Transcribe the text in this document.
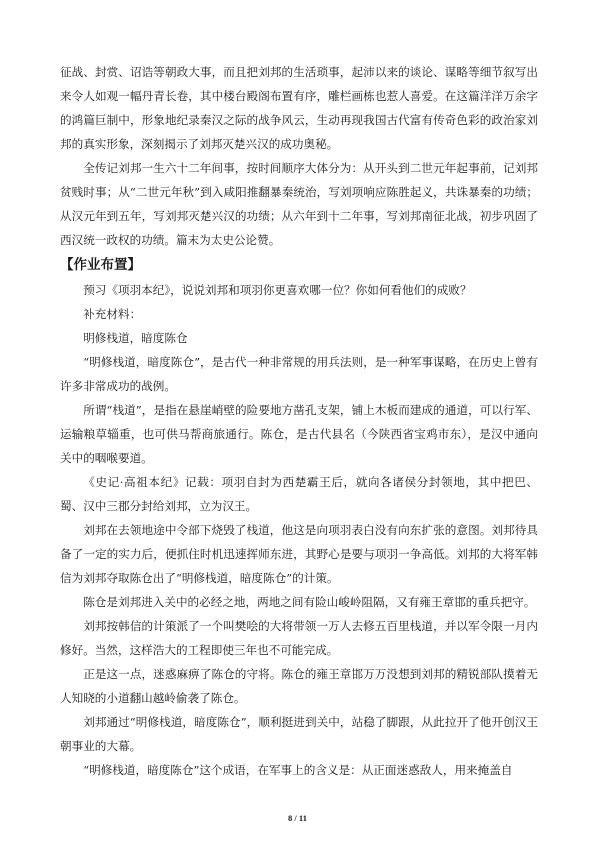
征战、封赏、诏诰等朝政大事，而且把刘邦的生活琐事，起沛以来的谈论、谋略等细节叙写出来令人如观一幅丹青长卷，其中楼台殿阁布置有序，雕栏画栋也惹人喜爱。在这篇洋洋万余字的鸿篇巨制中，形象地纪录秦汉之际的战争风云，生动再现我国古代富有传奇色彩的政治家刘邦的真实形象，深刻揭示了刘邦灭楚兴汉的成功奥秘。

全传记刘邦一生六十二年间事，按时间顺序大体分为：从开头到二世元年起事前，记刘邦贫贱时事；从“二世元年秋”到入咸阳推翻暴秦统治，写刘项响应陈胜起义，共诛暴秦的功绩；从汉元年到五年，写刘邦灭楚兴汉的功绩；从六年到十二年事，写刘邦南征北战，初步巩固了西汉统一政权的功绩。篇末为太史公论赞。

【作业布置】

预习《项羽本纪》，说说刘邦和项羽你更喜欢哪一位？你如何看他们的成败？

补充材料：

明修栈道，暗度陈仓

“明修栈道，暗度陈仓”，是古代一种非常规的用兵法则，是一种军事谋略，在历史上曾有许多非常成功的战例。

所谓“栈道”，是指在悬崖峭壁的险要地方凿孔支架，铺上木板而建成的通道，可以行军、运输粮草辎重，也可供马帮商旅通行。陈仓，是古代县名（今陕西省宝鸡市东），是汉中通向关中的咽喉要道。

《史记·高祖本纪》记载：项羽自封为西楚霸王后，就向各诸侯分封领地，其中把巴、蜀、汉中三郡分封给刘邦，立为汉王。

刘邦在去领地途中令部下烧毁了栈道，他这是向项羽表白没有向东扩张的意图。刘邦待具备了一定的实力后，便抓住时机迅速挥师东进，其野心是要与项羽一争高低。刘邦的大将军韩信为刘邦夺取陈仓出了“明修栈道，暗度陈仓”的计策。

陈仓是刘邦进入关中的必经之地，两地之间有险山峻岭阻隔，又有雍王章邯的重兵把守。

刘邦按韩信的计策派了一个叫樊哙的大将带领一万人去修五百里栈道，并以军令限一月内修好。当然，这样浩大的工程即使三年也不可能完成。

正是这一点，迷惑麻痹了陈仓的守将。陈仓的雍王章邯万万没想到刘邦的精锐部队摸着无人知晓的小道翻山越岭偷袭了陈仓。

刘邦通过“明修栈道，暗度陈仓”，顺利挺进到关中，站稳了脚跟，从此拉开了他开创汉王朝事业的大幕。

“明修栈道，暗度陈仓”这个成语，在军事上的含义是：从正面迷惑敌人，用来掩盖自

8 / 11
